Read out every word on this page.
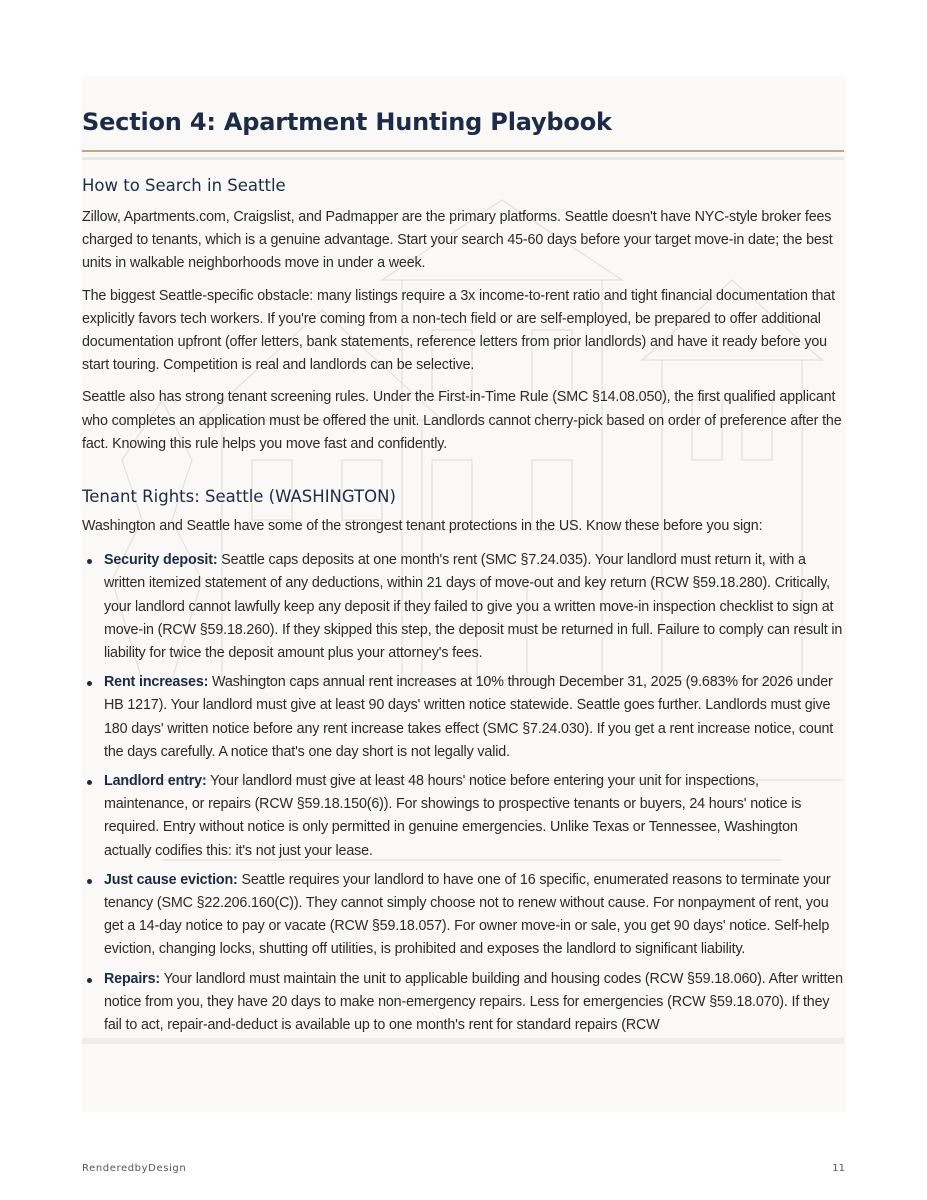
Section 4: Apartment Hunting Playbook
How to Search in Seattle

Zillow, Apartments.com, Craigslist, and Padmapper are the primary platforms. Seattle doesn't have NYC-style broker fees charged to tenants, which is a genuine advantage. Start your search 45-60 days before your target move-in date; the best units in walkable neighborhoods move in under a week.

The biggest Seattle-specific obstacle: many listings require a 3x income-to-rent ratio and tight financial documentation that explicitly favors tech workers. If you're coming from a non-tech field or are self-employed, be prepared to offer additional documentation upfront (offer letters, bank statements, reference letters from prior landlords) and have it ready before you start touring. Competition is real and landlords can be selective.

Seattle also has strong tenant screening rules. Under the First-in-Time Rule (SMC §14.08.050), the first qualified applicant who completes an application must be offered the unit. Landlords cannot cherry-pick based on order of preference after the fact. Knowing this rule helps you move fast and confidently.

Tenant Rights: Seattle (WASHINGTON)

Washington and Seattle have some of the strongest tenant protections in the US. Know these before you sign:

Security deposit: Seattle caps deposits at one month's rent (SMC §7.24.035). Your landlord must return it, with a written itemized statement of any deductions, within 21 days of move-out and key return (RCW §59.18.280). Critically, your landlord cannot lawfully keep any deposit if they failed to give you a written move-in inspection checklist to sign at move-in (RCW §59.18.260). If they skipped this step, the deposit must be returned in full. Failure to comply can result in liability for twice the deposit amount plus your attorney's fees.
Rent increases: Washington caps annual rent increases at 10% through December 31, 2025 (9.683% for 2026 under HB 1217). Your landlord must give at least 90 days' written notice statewide. Seattle goes further. Landlords must give 180 days' written notice before any rent increase takes effect (SMC §7.24.030). If you get a rent increase notice, count the days carefully. A notice that's one day short is not legally valid.
Landlord entry: Your landlord must give at least 48 hours' notice before entering your unit for inspections, maintenance, or repairs (RCW §59.18.150(6)). For showings to prospective tenants or buyers, 24 hours' notice is required. Entry without notice is only permitted in genuine emergencies. Unlike Texas or Tennessee, Washington actually codifies this: it's not just your lease.
Just cause eviction: Seattle requires your landlord to have one of 16 specific, enumerated reasons to terminate your tenancy (SMC §22.206.160(C)). They cannot simply choose not to renew without cause. For nonpayment of rent, you get a 14-day notice to pay or vacate (RCW §59.18.057). For owner move-in or sale, you get 90 days' notice. Self-help eviction, changing locks, shutting off utilities, is prohibited and exposes the landlord to significant liability.
Repairs: Your landlord must maintain the unit to applicable building and housing codes (RCW §59.18.060). After written notice from you, they have 20 days to make non-emergency repairs. Less for emergencies (RCW §59.18.070). If they fail to act, repair-and-deduct is available up to one month's rent for standard repairs (RCW
RenderedbyDesign	11
